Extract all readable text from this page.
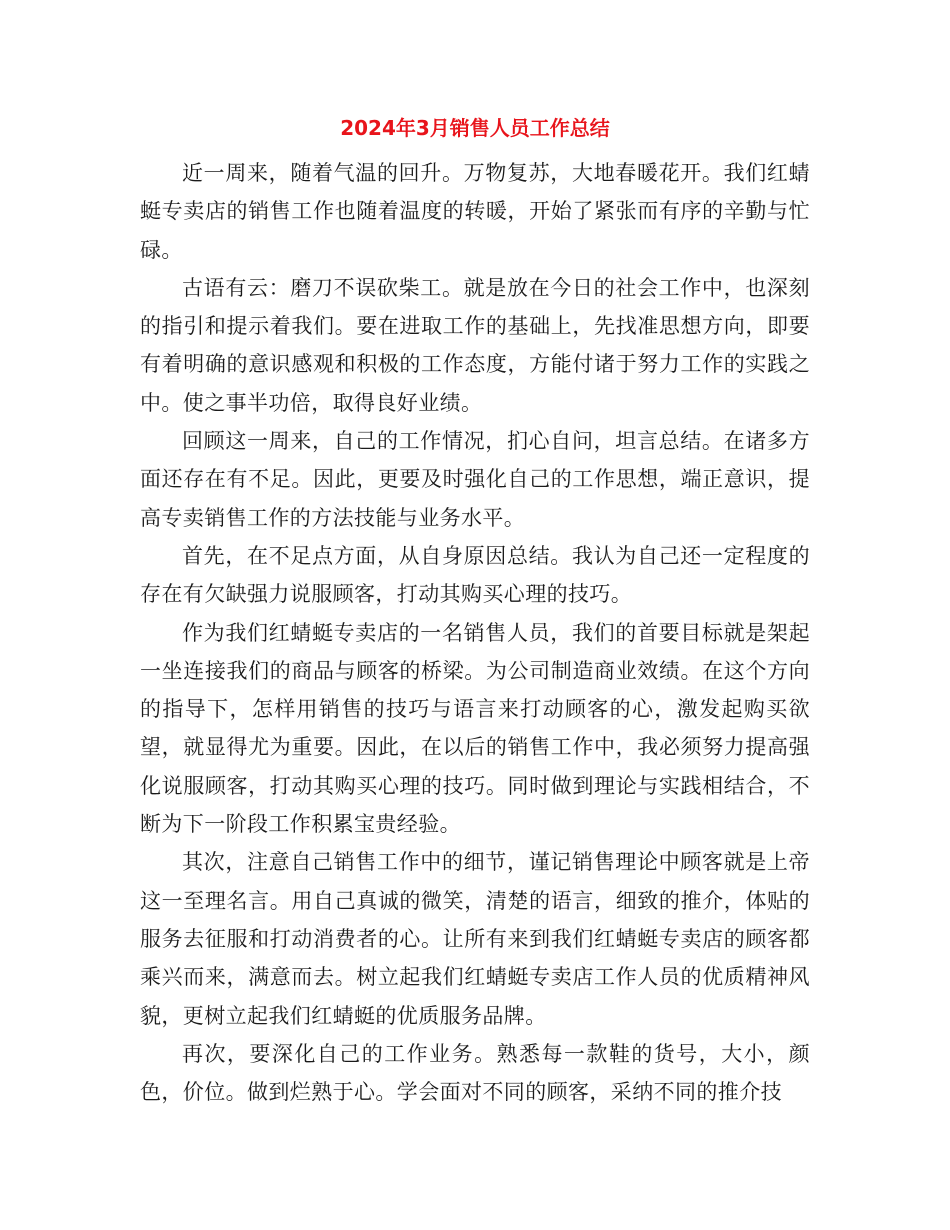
2024年3月销售人员工作总结

近一周来，随着气温的回升。万物复苏，大地春暖花开。我们红蜻蜓专卖店的销售工作也随着温度的转暖，开始了紧张而有序的辛勤与忙碌。

古语有云：磨刀不误砍柴工。就是放在今日的社会工作中，也深刻的指引和提示着我们。要在进取工作的基础上，先找准思想方向，即要有着明确的意识感观和积极的工作态度，方能付诸于努力工作的实践之中。使之事半功倍，取得良好业绩。

回顾这一周来，自己的工作情况，扪心自问，坦言总结。在诸多方面还存在有不足。因此，更要及时强化自己的工作思想，端正意识，提高专卖销售工作的方法技能与业务水平。

首先，在不足点方面，从自身原因总结。我认为自己还一定程度的存在有欠缺强力说服顾客，打动其购买心理的技巧。

作为我们红蜻蜓专卖店的一名销售人员，我们的首要目标就是架起一坐连接我们的商品与顾客的桥梁。为公司制造商业效绩。在这个方向的指导下，怎样用销售的技巧与语言来打动顾客的心，激发起购买欲望，就显得尤为重要。因此，在以后的销售工作中，我必须努力提高强化说服顾客，打动其购买心理的技巧。同时做到理论与实践相结合，不断为下一阶段工作积累宝贵经验。

其次，注意自己销售工作中的细节，谨记销售理论中顾客就是上帝这一至理名言。用自己真诚的微笑，清楚的语言，细致的推介，体贴的服务去征服和打动消费者的心。让所有来到我们红蜻蜓专卖店的顾客都乘兴而来，满意而去。树立起我们红蜻蜓专卖店工作人员的优质精神风貌，更树立起我们红蜻蜓的优质服务品牌。

再次，要深化自己的工作业务。熟悉每一款鞋的货号，大小，颜色，价位。做到烂熟于心。学会面对不同的顾客，采纳不同的推介技
